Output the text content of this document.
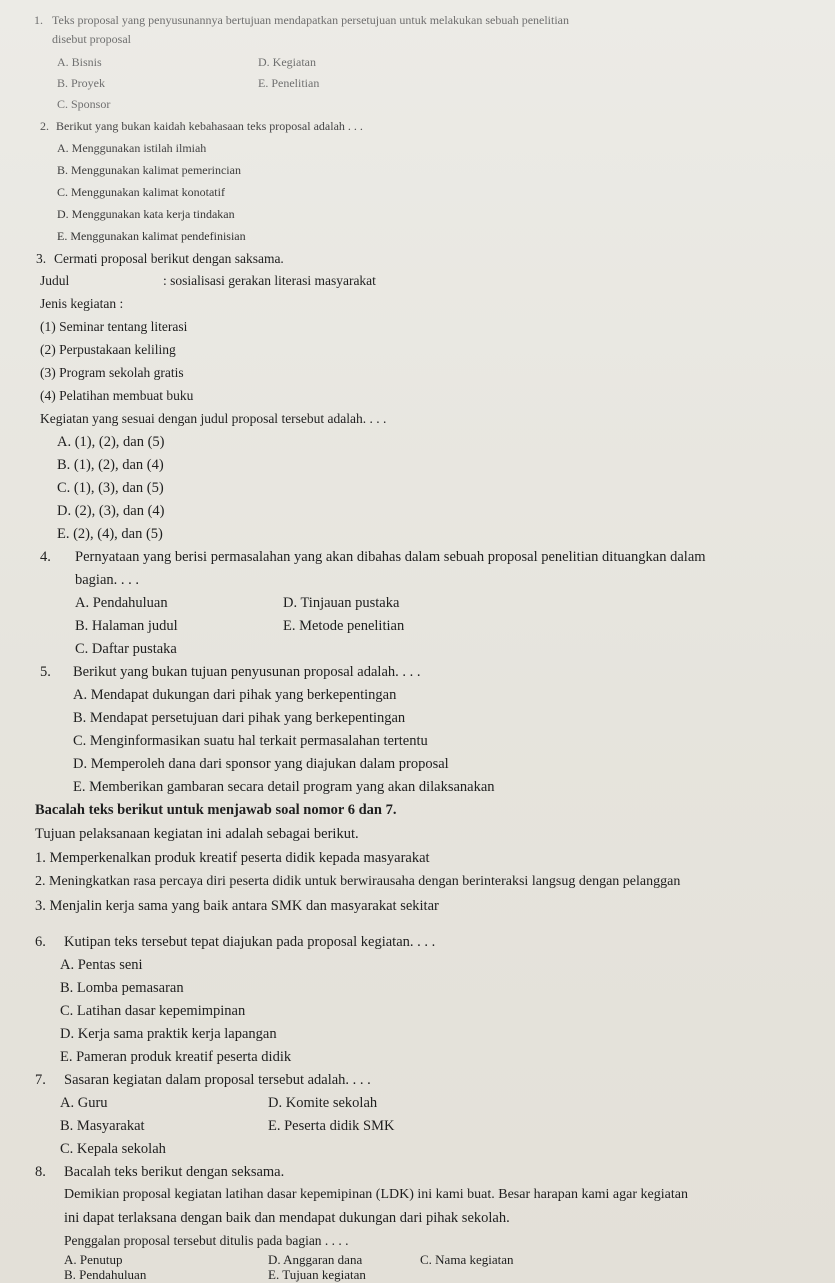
1. Teks proposal yang penyusunannya bertujuan mendapatkan persetujuan untuk melakukan sebuah penelitian
disebut proposal
A. Bisnis	D. Kegiatan
B. Proyek	E. Penelitian
C. Sponsor
2. Berikut yang bukan kaidah kebahasaan teks proposal adalah . . .
A. Menggunakan istilah ilmiah
B. Menggunakan kalimat pemerincian
C. Menggunakan kalimat konotatif
D. Menggunakan kata kerja tindakan
E. Menggunakan kalimat pendefinisian
3. Cermati proposal berikut dengan saksama.
Judul	: sosialisasi gerakan literasi masyarakat
Jenis kegiatan :
(1) Seminar tentang literasi
(2) Perpustakaan keliling
(3) Program sekolah gratis
(4) Pelatihan membuat buku
Kegiatan yang sesuai dengan judul proposal tersebut adalah. . . .
A. (1), (2), dan (5)
B. (1), (2), dan (4)
C. (1), (3), dan (5)
D. (2), (3), dan (4)
E. (2), (4), dan (5)
4. Pernyataan yang berisi permasalahan yang akan dibahas dalam sebuah proposal penelitian dituangkan dalam
bagian. . . .
A. Pendahuluan	D. Tinjauan pustaka
B. Halaman judul	E. Metode penelitian
C. Daftar pustaka
5. Berikut yang bukan tujuan penyusunan proposal adalah. . . .
A. Mendapat dukungan dari pihak yang berkepentingan
B. Mendapat persetujuan dari pihak yang berkepentingan
C. Menginformasikan suatu hal terkait permasalahan tertentu
D. Memperoleh dana dari sponsor yang diajukan dalam proposal
E. Memberikan gambaran secara detail program yang akan dilaksanakan
Bacalah teks berikut untuk menjawab soal nomor 6 dan 7.
Tujuan pelaksanaan kegiatan ini adalah sebagai berikut.
1. Memperkenalkan produk kreatif peserta didik kepada masyarakat
2. Meningkatkan rasa percaya diri peserta didik untuk berwirausaha dengan berinteraksi langsug dengan pelanggan
3. Menjalin kerja sama yang baik antara SMK dan masyarakat sekitar
6. Kutipan teks tersebut tepat diajukan pada proposal kegiatan. . . .
A. Pentas seni
B. Lomba pemasaran
C. Latihan dasar kepemimpinan
D. Kerja sama praktik kerja lapangan
E. Pameran produk kreatif peserta didik
7. Sasaran kegiatan dalam proposal tersebut adalah. . . .
A. Guru	D. Komite sekolah
B. Masyarakat	E. Peserta didik SMK
C. Kepala sekolah
8. Bacalah teks berikut dengan seksama.
Demikian proposal kegiatan latihan dasar kepemipinan (LDK) ini kami buat. Besar harapan kami agar kegiatan
ini dapat terlaksana dengan baik dan mendapat dukungan dari pihak sekolah.
Penggalan proposal tersebut ditulis pada bagian . . . .
A. Penutup	D. Anggaran dana
B. Pendahuluan	E. Tujuan kegiatan
C. Nama kegiatan
